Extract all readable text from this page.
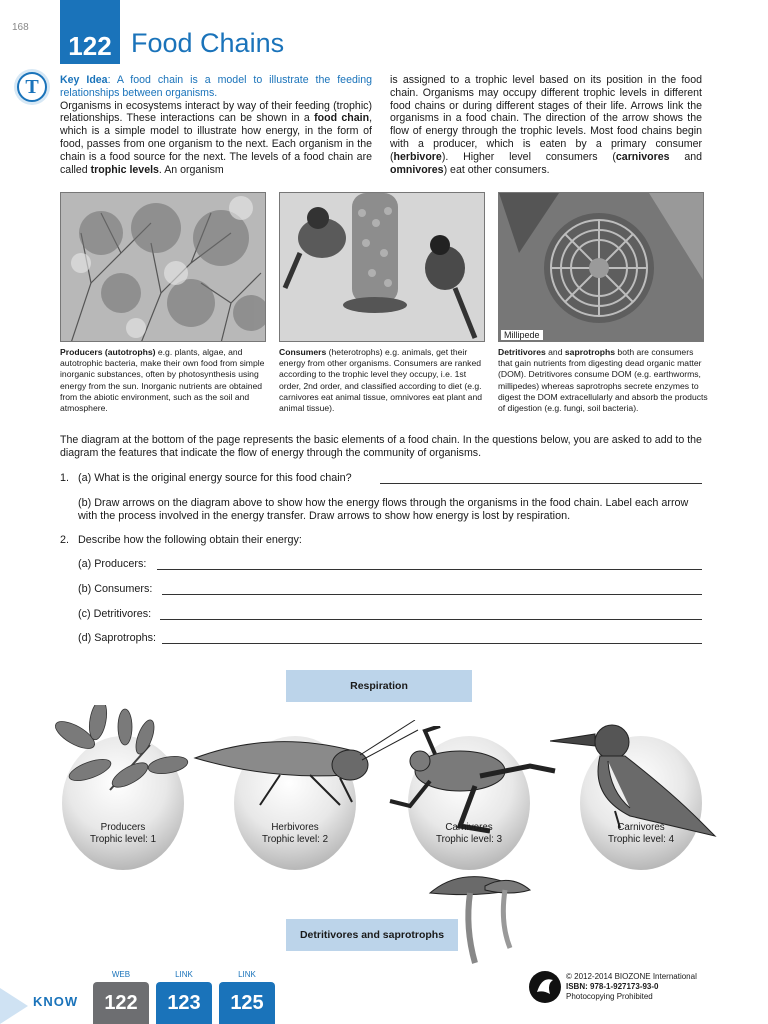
168
122 Food Chains
T	Key Idea: A food chain is a model to illustrate the feeding relationships between organisms.
Organisms in ecosystems interact by way of their feeding (trophic) relationships. These interactions can be shown in a food chain, which is a simple model to illustrate how energy, in the form of food, passes from one organism to the next. Each organism in the chain is a food source for the next. The levels of a food chain are called trophic levels. An organism
is assigned to a trophic level based on its position in the food chain. Organisms may occupy different trophic levels in different food chains or during different stages of their life. Arrows link the organisms in a food chain. The direction of the arrow shows the flow of energy through the trophic levels. Most food chains begin with a producer, which is eaten by a primary consumer (herbivore). Higher level consumers (carnivores and omnivores) eat other consumers.
Millipede
Producers (autotrophs) e.g. plants, algae, and autotrophic bacteria, make their own food from simple inorganic substances, often by photosynthesis using energy from the sun. Inorganic nutrients are obtained from the abiotic environment, such as the soil and atmosphere.
Consumers (heterotrophs) e.g. animals, get their energy from other organisms. Consumers are ranked according to the trophic level they occupy, i.e. 1st order, 2nd order, and classified according to diet (e.g. carnivores eat animal tissue, omnivores eat plant and animal tissue).
Detritivores and saprotrophs both are consumers that gain nutrients from digesting dead organic matter (DOM). Detritivores consume DOM (e.g. earthworms, millipedes) whereas saprotrophs secrete enzymes to digest the DOM extracellularly and absorb the products of digestion (e.g. fungi, soil bacteria).
The diagram at the bottom of the page represents the basic elements of a food chain. In the questions below, you are asked to add to the diagram the features that indicate the flow of energy through the community of organisms.
1. (a) What is the original energy source for this food chain?
(b) Draw arrows on the diagram above to show how the energy flows through the organisms in the food chain. Label each arrow with the process involved in the energy transfer. Draw arrows to show how energy is lost by respiration.
2. Describe how the following obtain their energy:
(a) Producers:
(b) Consumers:
(c) Detritivores:
(d) Saprotrophs:
Respiration
Producers
Trophic level: 1
Herbivores
Trophic level: 2
Carnivores
Trophic level: 3
Carnivores
Trophic level: 4
Detritivores and saprotrophs
KNOW
WEB
122
LINK
123
LINK
125
© 2012-2014 BIOZONE International
ISBN: 978-1-927173-93-0
Photocopying Prohibited
